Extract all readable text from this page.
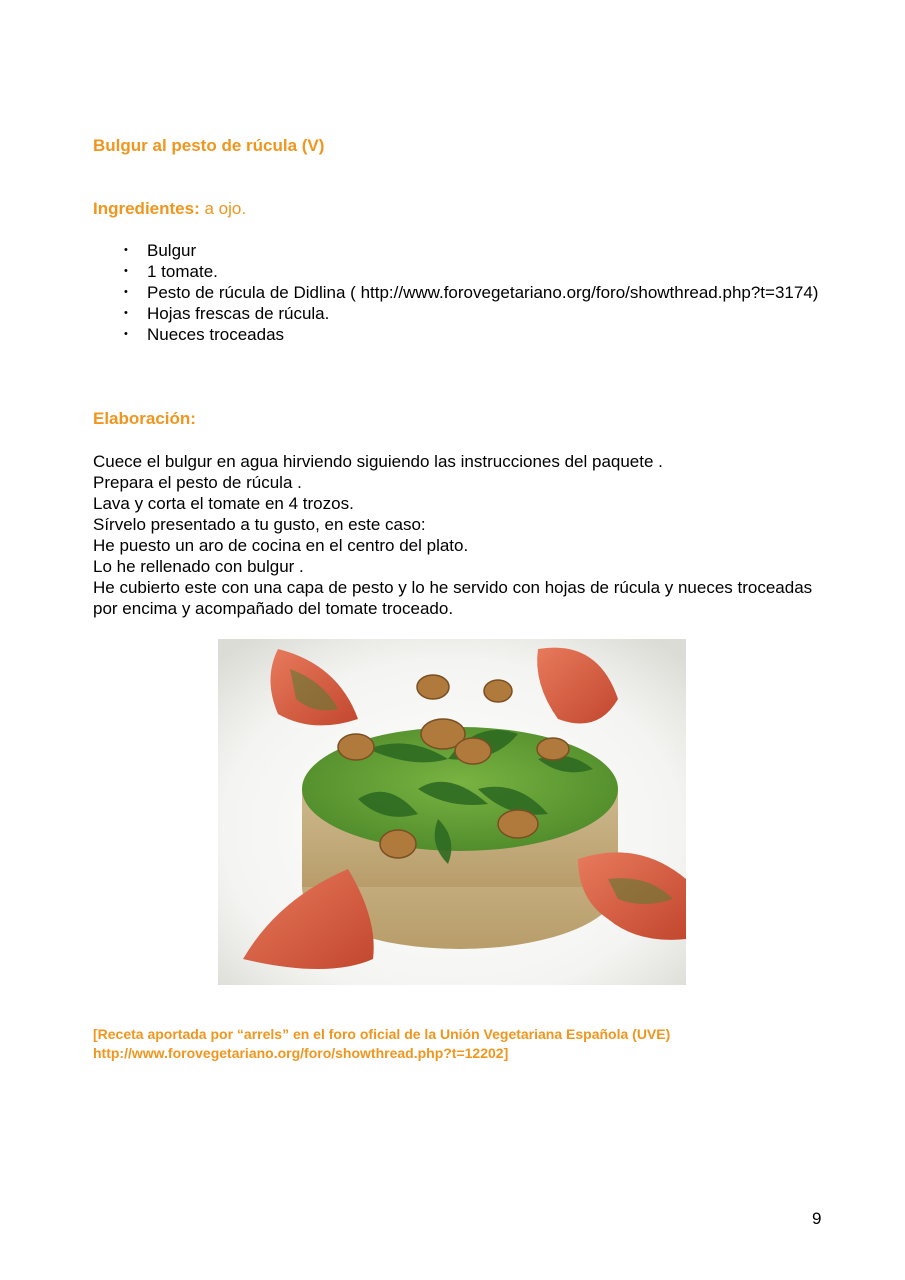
Bulgur al pesto de rúcula (V)

Ingredientes: a ojo.

• Bulgur
• 1 tomate.
• Pesto de rúcula de Didlina ( http://www.forovegetariano.org/foro/showthread.php?t=3174)
• Hojas frescas de rúcula.
• Nueces troceadas
Elaboración:
Cuece el bulgur en agua hirviendo siguiendo las instrucciones del paquete .
Prepara el pesto de rúcula .
Lava y corta el tomate en 4 trozos.
Sírvelo presentado a tu gusto, en este caso:
He puesto un aro de cocina en el centro del plato.
Lo he rellenado con bulgur .
He cubierto este con una capa de pesto y lo he servido con hojas de rúcula y nueces troceadas por encima y acompañado del tomate troceado.
[Receta aportada por “arrels” en el foro oficial de la Unión Vegetariana Española (UVE)
http://www.forovegetariano.org/foro/showthread.php?t=12202]

9
